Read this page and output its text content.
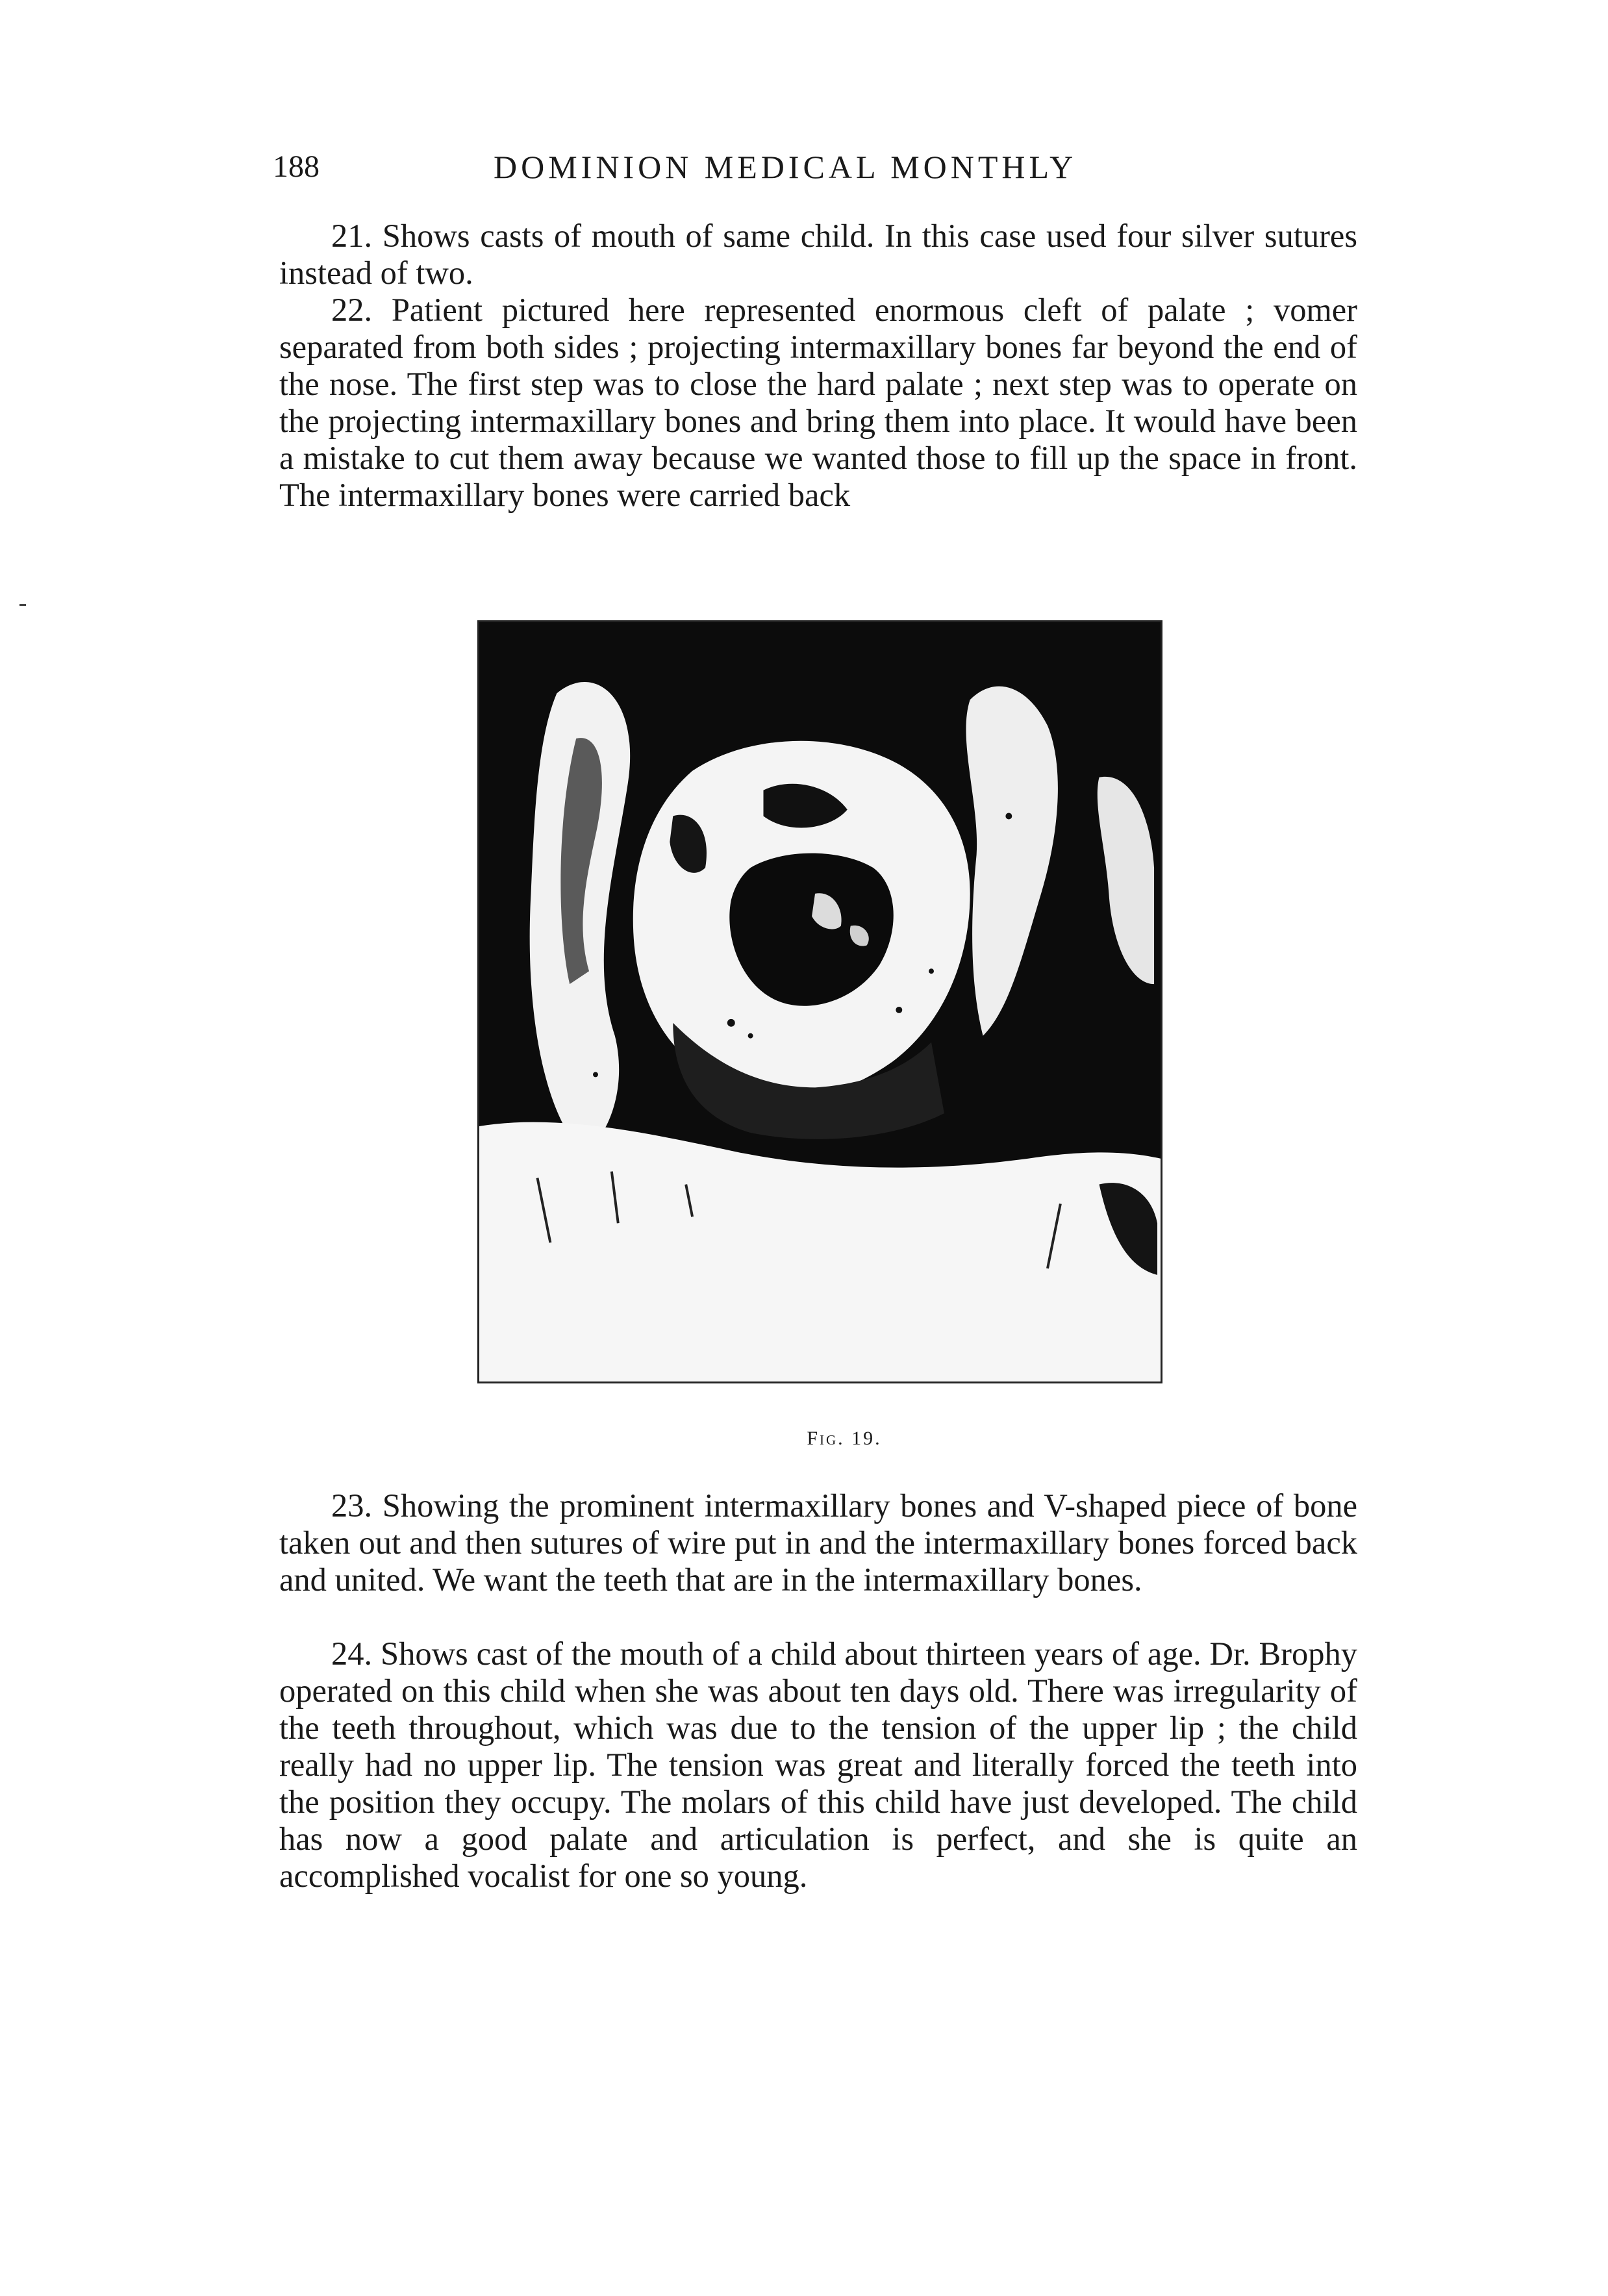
188	DOMINION MEDICAL MONTHLY

21. Shows casts of mouth of same child. In this case used four silver sutures instead of two.

22. Patient pictured here represented enormous cleft of palate ; vomer separated from both sides ; projecting intermaxillary bones far beyond the end of the nose. The first step was to close the hard palate ; next step was to operate on the projecting intermaxillary bones and bring them into place. It would have been a mistake to cut them away because we wanted those to fill up the space in front. The intermaxillary bones were carried back

Fig. 19.

23. Showing the prominent intermaxillary bones and V-shaped piece of bone taken out and then sutures of wire put in and the intermaxillary bones forced back and united. We want the teeth that are in the intermaxillary bones.

24. Shows cast of the mouth of a child about thirteen years of age. Dr. Brophy operated on this child when she was about ten days old. There was irregularity of the teeth throughout, which was due to the tension of the upper lip ; the child really had no upper lip. The tension was great and literally forced the teeth into the position they occupy. The molars of this child have just developed. The child has now a good palate and articulation is perfect, and she is quite an accomplished vocalist for one so young.
